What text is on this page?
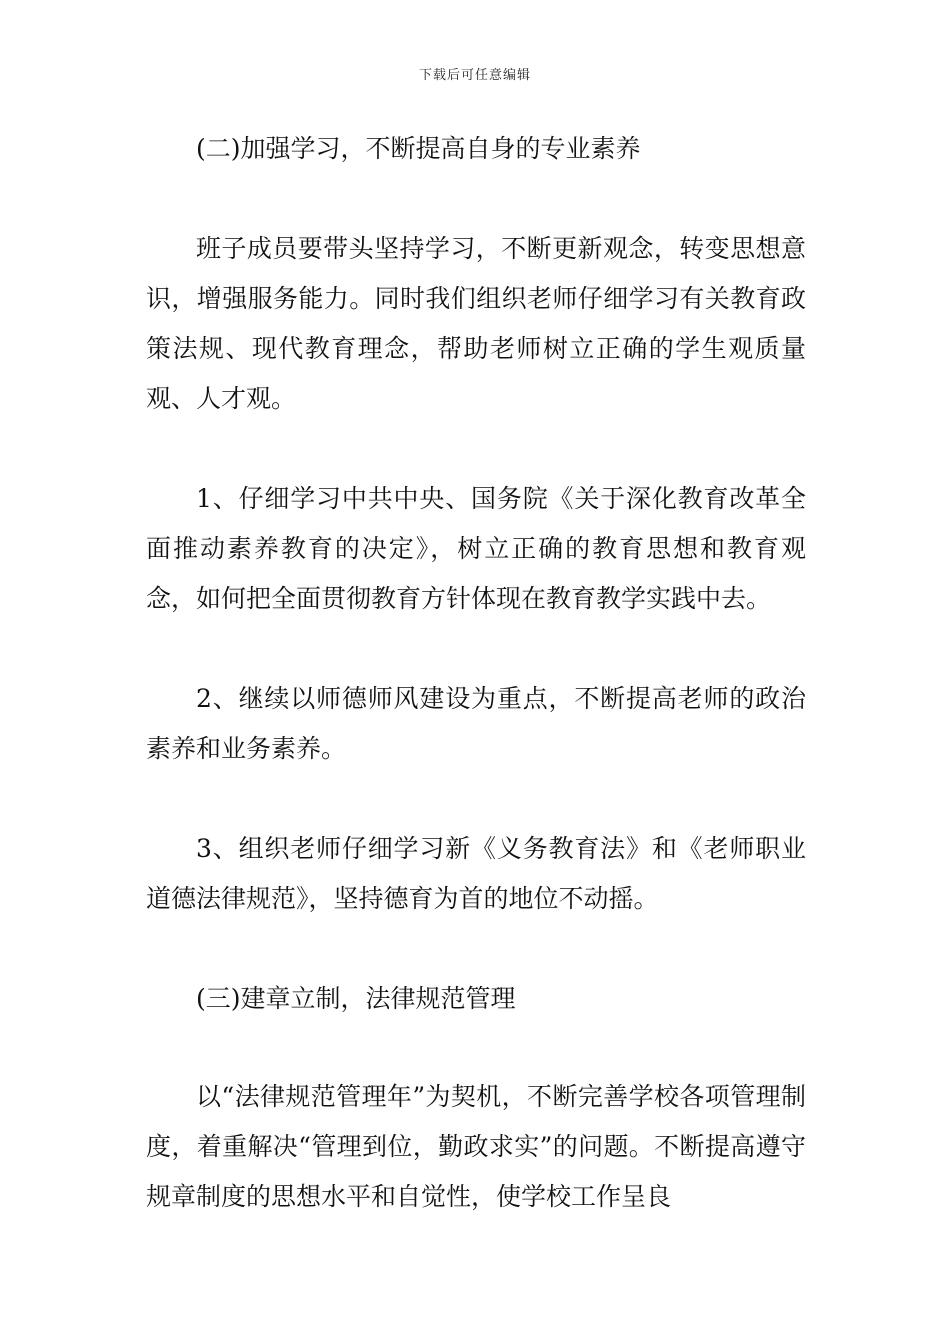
下载后可任意编辑
(二)加强学习，不断提高自身的专业素养
班子成员要带头坚持学习，不断更新观念，转变思想意识，增强服务能力。同时我们组织老师仔细学习有关教育政策法规、现代教育理念，帮助老师树立正确的学生观质量观、人才观。
1、仔细学习中共中央、国务院《关于深化教育改革全面推动素养教育的决定》，树立正确的教育思想和教育观念，如何把全面贯彻教育方针体现在教育教学实践中去。
2、继续以师德师风建设为重点，不断提高老师的政治素养和业务素养。
3、组织老师仔细学习新《义务教育法》和《老师职业道德法律规范》，坚持德育为首的地位不动摇。
(三)建章立制，法律规范管理
以“法律规范管理年”为契机，不断完善学校各项管理制度，着重解决“管理到位，勤政求实”的问题。不断提高遵守规章制度的思想水平和自觉性，使学校工作呈良
